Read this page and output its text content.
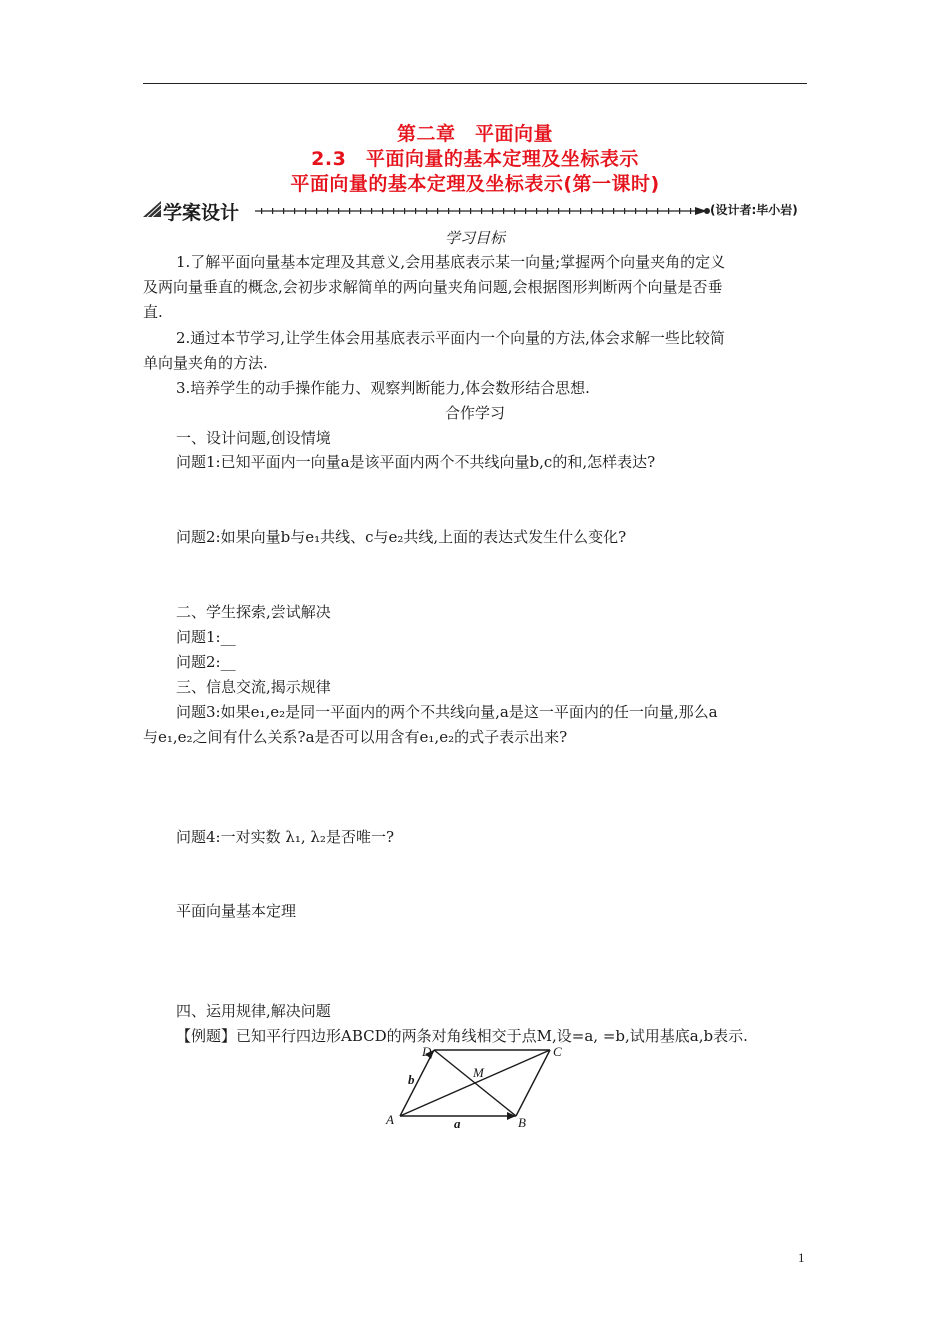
第二章　平面向量
2.3　平面向量的基本定理及坐标表示
平面向量的基本定理及坐标表示(第一课时)
学案设计	(设计者:毕小岩)
学习目标
1.了解平面向量基本定理及其意义,会用基底表示某一向量;掌握两个向量夹角的定义
及两向量垂直的概念,会初步求解简单的两向量夹角问题,会根据图形判断两个向量是否垂
直.
2.通过本节学习,让学生体会用基底表示平面内一个向量的方法,体会求解一些比较简
单向量夹角的方法.
3.培养学生的动手操作能力、观察判断能力,体会数形结合思想.
合作学习
一、设计问题,创设情境
问题1:已知平面内一向量a是该平面内两个不共线向量b,c的和,怎样表达?
问题2:如果向量b与e₁共线、c与e₂共线,上面的表达式发生什么变化?
二、学生探索,尝试解决
问题1:__
问题2:__
三、信息交流,揭示规律
问题3:如果e₁,e₂是同一平面内的两个不共线向量,a是这一平面内的任一向量,那么a
与e₁,e₂之间有什么关系?a是否可以用含有e₁,e₂的式子表示出来?
问题4:一对实数 λ₁, λ₂是否唯一?
平面向量基本定理
四、运用规律,解决问题
【例题】已知平行四边形ABCD的两条对角线相交于点M,设=a, =b,试用基底a,b表示.
A	B
C
D
M
a
b
1
